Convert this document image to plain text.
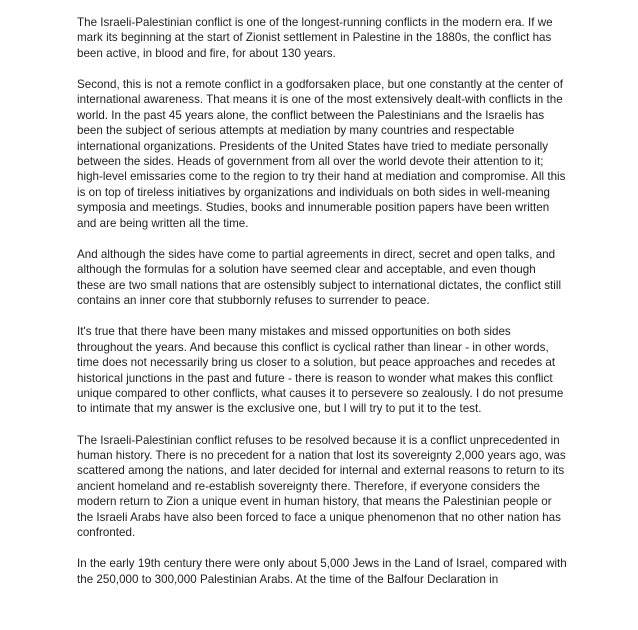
The Israeli-Palestinian conflict is one of the longest-running conflicts in the modern era. If we mark its beginning at the start of Zionist settlement in Palestine in the 1880s, the conflict has been active, in blood and fire, for about 130 years.

Second, this is not a remote conflict in a godforsaken place, but one constantly at the center of international awareness. That means it is one of the most extensively dealt-with conflicts in the world. In the past 45 years alone, the conflict between the Palestinians and the Israelis has been the subject of serious attempts at mediation by many countries and respectable international organizations. Presidents of the United States have tried to mediate personally between the sides. Heads of government from all over the world devote their attention to it; high-level emissaries come to the region to try their hand at mediation and compromise. All this is on top of tireless initiatives by organizations and individuals on both sides in well-meaning symposia and meetings. Studies, books and innumerable position papers have been written and are being written all the time.

And although the sides have come to partial agreements in direct, secret and open talks, and although the formulas for a solution have seemed clear and acceptable, and even though these are two small nations that are ostensibly subject to international dictates, the conflict still contains an inner core that stubbornly refuses to surrender to peace.

It's true that there have been many mistakes and missed opportunities on both sides throughout the years. And because this conflict is cyclical rather than linear - in other words, time does not necessarily bring us closer to a solution, but peace approaches and recedes at historical junctions in the past and future - there is reason to wonder what makes this conflict unique compared to other conflicts, what causes it to persevere so zealously. I do not presume to intimate that my answer is the exclusive one, but I will try to put it to the test.

The Israeli-Palestinian conflict refuses to be resolved because it is a conflict unprecedented in human history. There is no precedent for a nation that lost its sovereignty 2,000 years ago, was scattered among the nations, and later decided for internal and external reasons to return to its ancient homeland and re-establish sovereignty there. Therefore, if everyone considers the modern return to Zion a unique event in human history, that means the Palestinian people or the Israeli Arabs have also been forced to face a unique phenomenon that no other nation has confronted.

In the early 19th century there were only about 5,000 Jews in the Land of Israel, compared with the 250,000 to 300,000 Palestinian Arabs. At the time of the Balfour Declaration in
